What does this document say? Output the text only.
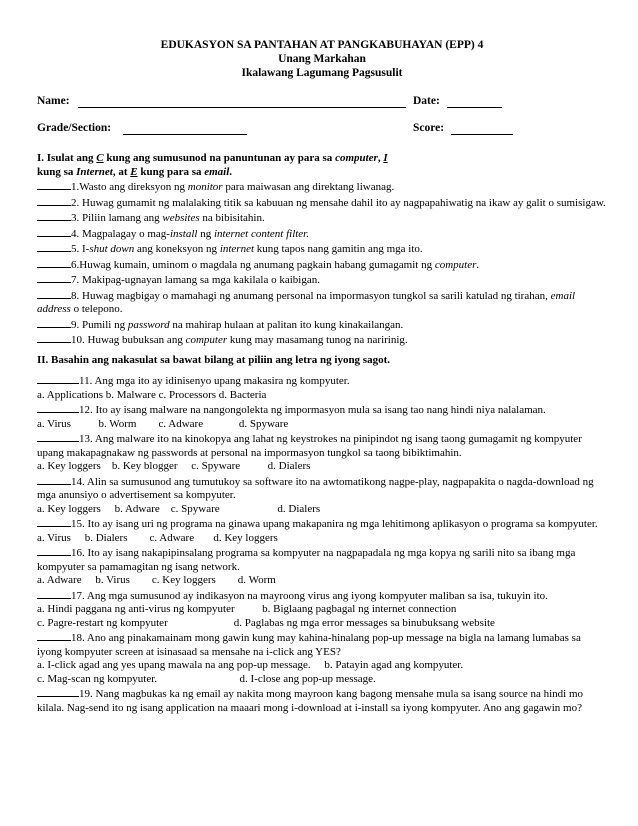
EDUKASYON SA PANTAHAN AT PANGKABUHAYAN (EPP) 4
Unang Markahan
Ikalawang Lagumang Pagsusulit
Name:	Date:
Grade/Section:	Score:
I. Isulat ang C kung ang sumusunod na panuntunan ay para sa computer, I
kung sa Internet, at E kung para sa email.
1.Wasto ang direksyon ng monitor para maiwasan ang direktang liwanag.
2. Huwag gumamit ng malalaking titik sa kabuuan ng mensahe dahil ito ay nagpapahiwatig na ikaw ay galit o sumisigaw.
3. Piliin lamang ang websites na bibisitahin.
4. Magpalagay o mag-install ng internet content filter.
5. I-shut down ang koneksyon ng internet kung tapos nang gamitin ang mga ito.
6.Huwag kumain, uminom o magdala ng anumang pagkain habang gumagamit ng computer.
7. Makipag-ugnayan lamang sa mga kakilala o kaibigan.
8. Huwag magbigay o mamahagi ng anumang personal na impormasyon tungkol sa sarili katulad ng tirahan, email address o telepono.
9. Pumili ng password na mahirap hulaan at palitan ito kung kinakailangan.
10. Huwag bubuksan ang computer kung may masamang tunog na naririnig.
II. Basahin ang nakasulat sa bawat bilang at piliin ang letra ng iyong sagot.
11. Ang mga ito ay idinisenyo upang makasira ng kompyuter.
a. Applications b. Malware c. Processors d. Bacteria
12. Ito ay isang malware na nangongolekta ng impormasyon mula sa isang tao nang hindi niya nalalaman.
a. Virus          b. Worm        c. Adware             d. Spyware
13. Ang malware ito na kinokopya ang lahat ng keystrokes na pinipindot ng isang taong gumagamit ng kompyuter upang makapagnakaw ng passwords at personal na impormasyon tungkol sa taong bibiktimahin.
a. Key loggers    b. Key blogger     c. Spyware          d. Dialers
14. Alin sa sumusunod ang tumutukoy sa software ito na awtomatikong nagpe-play, nagpapakita o nagda-download ng mga anunsiyo o advertisement sa kompyuter.
a. Key loggers     b. Adware    c. Spyware                     d. Dialers
15. Ito ay isang uri ng programa na ginawa upang makapanira ng mga lehitimong aplikasyon o programa sa kompyuter.
a. Virus     b. Dialers        c. Adware       d. Key loggers
16. Ito ay isang nakapipinsalang programa sa kompyuter na nagpapadala ng mga kopya ng sarili nito sa ibang mga kompyuter sa pamamagitan ng isang network.
a. Adware     b. Virus        c. Key loggers        d. Worm
17. Ang mga sumusunod ay indikasyon na mayroong virus ang iyong kompyuter maliban sa isa, tukuyin ito.
a. Hindi paggana ng anti-virus ng kompyuter          b. Biglaang pagbagal ng internet connection
c. Pagre-restart ng kompyuter                        d. Paglabas ng mga error messages sa binubuksang website
18. Ano ang pinakamainam mong gawin kung may kahina-hinalang pop-up message na bigla na lamang lumabas sa iyong kompyuter screen at isinasaad sa mensahe na i-click ang YES?
a. I-click agad ang yes upang mawala na ang pop-up message.     b. Patayin agad ang kompyuter.
c. Mag-scan ng kompyuter.                              d. I-close ang pop-up message.
19. Nang magbukas ka ng email ay nakita mong mayroon kang bagong mensahe mula sa isang source na hindi mo kilala. Nag-send ito ng isang application na maaari mong i-download at i-install sa iyong kompyuter. Ano ang gagawin mo?
